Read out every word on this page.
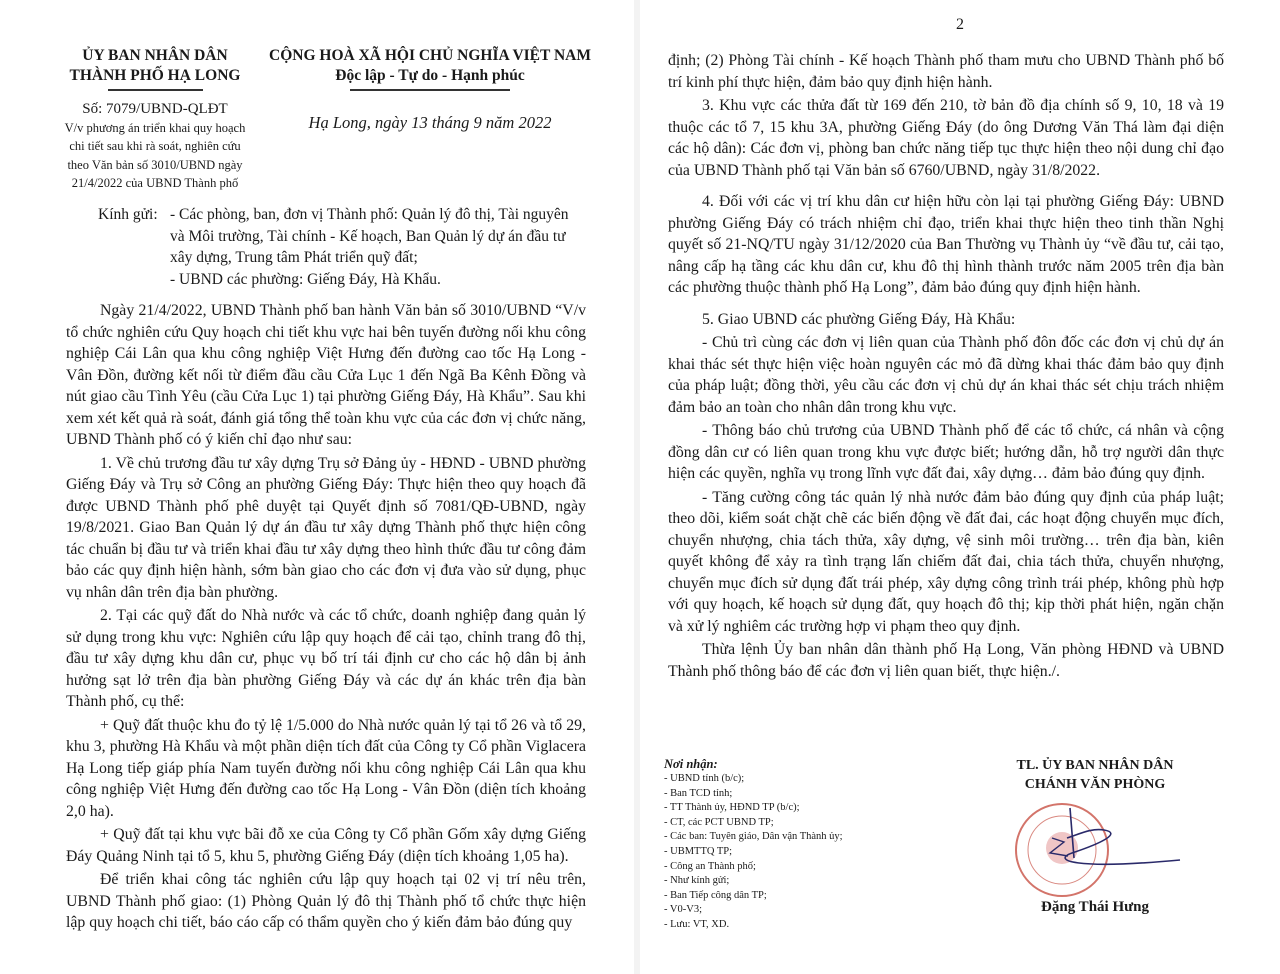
ỦY BAN NHÂN DÂN
THÀNH PHỐ HẠ LONG
Số: 7079/UBND-QLĐT
V/v phương án triển khai quy hoạch
chi tiết sau khi rà soát, nghiên cứu
theo Văn bản số 3010/UBND ngày
21/4/2022 của UBND Thành phố
CỘNG HOÀ XÃ HỘI CHỦ NGHĨA VIỆT NAM
Độc lập - Tự do - Hạnh phúc
Hạ Long, ngày 13 tháng 9 năm 2022
Kính gửi: - Các phòng, ban, đơn vị Thành phố: Quản lý đô thị, Tài nguyên và Môi trường, Tài chính - Kế hoạch, Ban Quản lý dự án đầu tư xây dựng, Trung tâm Phát triển quỹ đất;
- UBND các phường: Giếng Đáy, Hà Khẩu.

Ngày 21/4/2022, UBND Thành phố ban hành Văn bản số 3010/UBND “V/v tổ chức nghiên cứu Quy hoạch chi tiết khu vực hai bên tuyến đường nối khu công nghiệp Cái Lân qua khu công nghiệp Việt Hưng đến đường cao tốc Hạ Long - Vân Đồn, đường kết nối từ điểm đầu cầu Cửa Lục 1 đến Ngã Ba Kênh Đồng và nút giao cầu Tình Yêu (cầu Cửa Lục 1) tại phường Giếng Đáy, Hà Khẩu”. Sau khi xem xét kết quả rà soát, đánh giá tổng thể toàn khu vực của các đơn vị chức năng, UBND Thành phố có ý kiến chỉ đạo như sau:

1. Về chủ trương đầu tư xây dựng Trụ sở Đảng ủy - HĐND - UBND phường Giếng Đáy và Trụ sở Công an phường Giếng Đáy: Thực hiện theo quy hoạch đã được UBND Thành phố phê duyệt tại Quyết định số 7081/QĐ-UBND, ngày 19/8/2021. Giao Ban Quản lý dự án đầu tư xây dựng Thành phố thực hiện công tác chuẩn bị đầu tư và triển khai đầu tư xây dựng theo hình thức đầu tư công đảm bảo các quy định hiện hành, sớm bàn giao cho các đơn vị đưa vào sử dụng, phục vụ nhân dân trên địa bàn phường.

2. Tại các quỹ đất do Nhà nước và các tổ chức, doanh nghiệp đang quản lý sử dụng trong khu vực: Nghiên cứu lập quy hoạch để cải tạo, chỉnh trang đô thị, đầu tư xây dựng khu dân cư, phục vụ bố trí tái định cư cho các hộ dân bị ảnh hưởng sạt lở trên địa bàn phường Giếng Đáy và các dự án khác trên địa bàn Thành phố, cụ thể:

+ Quỹ đất thuộc khu đo tỷ lệ 1/5.000 do Nhà nước quản lý tại tổ 26 và tổ 29, khu 3, phường Hà Khẩu và một phần diện tích đất của Công ty Cổ phần Viglacera Hạ Long tiếp giáp phía Nam tuyến đường nối khu công nghiệp Cái Lân qua khu công nghiệp Việt Hưng đến đường cao tốc Hạ Long - Vân Đồn (diện tích khoảng 2,0 ha).

+ Quỹ đất tại khu vực bãi đỗ xe của Công ty Cổ phần Gốm xây dựng Giếng Đáy Quảng Ninh tại tổ 5, khu 5, phường Giếng Đáy (diện tích khoảng 1,05 ha).

Để triển khai công tác nghiên cứu lập quy hoạch tại 02 vị trí nêu trên, UBND Thành phố giao: (1) Phòng Quản lý đô thị Thành phố tổ chức thực hiện lập quy hoạch chi tiết, báo cáo cấp có thẩm quyền cho ý kiến đảm bảo đúng quy

2

định; (2) Phòng Tài chính - Kế hoạch Thành phố tham mưu cho UBND Thành phố bố trí kinh phí thực hiện, đảm bảo quy định hiện hành.

3. Khu vực các thửa đất từ 169 đến 210, tờ bản đồ địa chính số 9, 10, 18 và 19 thuộc các tổ 7, 15 khu 3A, phường Giếng Đáy (do ông Dương Văn Thá làm đại diện các hộ dân): Các đơn vị, phòng ban chức năng tiếp tục thực hiện theo nội dung chỉ đạo của UBND Thành phố tại Văn bản số 6760/UBND, ngày 31/8/2022.

4. Đối với các vị trí khu dân cư hiện hữu còn lại tại phường Giếng Đáy: UBND phường Giếng Đáy có trách nhiệm chỉ đạo, triển khai thực hiện theo tinh thần Nghị quyết số 21-NQ/TU ngày 31/12/2020 của Ban Thường vụ Thành ủy “về đầu tư, cải tạo, nâng cấp hạ tầng các khu dân cư, khu đô thị hình thành trước năm 2005 trên địa bàn các phường thuộc thành phố Hạ Long”, đảm bảo đúng quy định hiện hành.

5. Giao UBND các phường Giếng Đáy, Hà Khẩu:

- Chủ trì cùng các đơn vị liên quan của Thành phố đôn đốc các đơn vị chủ dự án khai thác sét thực hiện việc hoàn nguyên các mỏ đã dừng khai thác đảm bảo quy định của pháp luật; đồng thời, yêu cầu các đơn vị chủ dự án khai thác sét chịu trách nhiệm đảm bảo an toàn cho nhân dân trong khu vực.

- Thông báo chủ trương của UBND Thành phố để các tổ chức, cá nhân và cộng đồng dân cư có liên quan trong khu vực được biết; hướng dẫn, hỗ trợ người dân thực hiện các quyền, nghĩa vụ trong lĩnh vực đất đai, xây dựng… đảm bảo đúng quy định.

- Tăng cường công tác quản lý nhà nước đảm bảo đúng quy định của pháp luật; theo dõi, kiểm soát chặt chẽ các biến động về đất đai, các hoạt động chuyển mục đích, chuyển nhượng, chia tách thửa, xây dựng, vệ sinh môi trường… trên địa bàn, kiên quyết không để xảy ra tình trạng lấn chiếm đất đai, chia tách thửa, chuyển nhượng, chuyển mục đích sử dụng đất trái phép, xây dựng công trình trái phép, không phù hợp với quy hoạch, kế hoạch sử dụng đất, quy hoạch đô thị; kịp thời phát hiện, ngăn chặn và xử lý nghiêm các trường hợp vi phạm theo quy định.

Thừa lệnh Ủy ban nhân dân thành phố Hạ Long, Văn phòng HĐND và UBND Thành phố thông báo để các đơn vị liên quan biết, thực hiện./.

Nơi nhận:
- UBND tỉnh (b/c);
- Ban TCD tỉnh;
- TT Thành ủy, HĐND TP (b/c);
- CT, các PCT UBND TP;
- Các ban: Tuyên giáo, Dân vận Thành ủy;
- UBMTTQ TP;
- Công an Thành phố;
- Như kính gửi;
- Ban Tiếp công dân TP;
- V0-V3;
- Lưu: VT, XD.
TL. ỦY BAN NHÂN DÂN
CHÁNH VĂN PHÒNG
Đặng Thái Hưng
